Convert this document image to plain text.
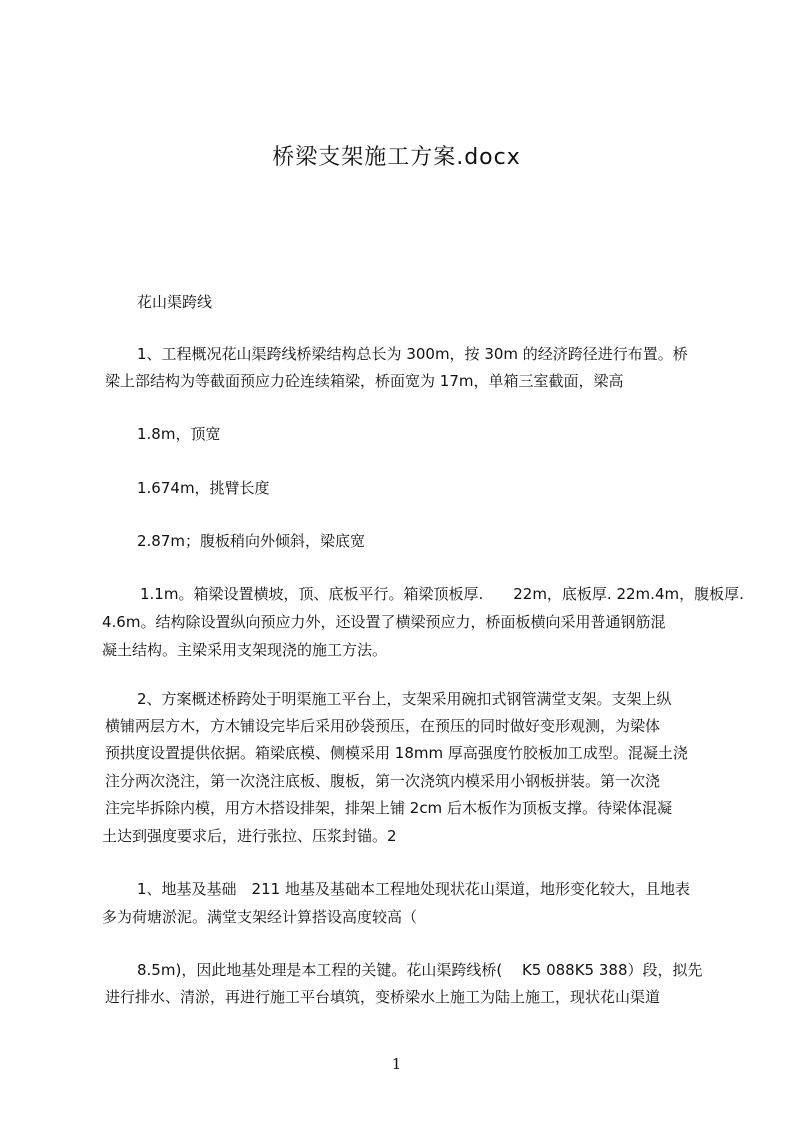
桥梁支架施工方案.docx
花山渠跨线
1、工程概况花山渠跨线桥梁结构总长为 300m，按 30m 的经济跨径进行布置。桥
梁上部结构为等截面预应力砼连续箱梁，桥面宽为 17m，单箱三室截面，梁高
1.8m，顶宽
1.674m，挑臂长度
2.87m；腹板稍向外倾斜，梁底宽
1.1m。箱梁设置横坡，顶、底板平行。箱梁顶板厚.　　22m，底板厚. 22m.4m，腹板厚.
4.6m。结构除设置纵向预应力外，还设置了横梁预应力，桥面板横向采用普通钢筋混
凝土结构。主梁采用支架现浇的施工方法。
2、方案概述桥跨处于明渠施工平台上，支架采用碗扣式钢管满堂支架。支架上纵
横铺两层方木，方木铺设完毕后采用砂袋预压，在预压的同时做好变形观测，为梁体
预拱度设置提供依据。箱梁底模、侧模采用 18mm 厚高强度竹胶板加工成型。混凝土浇
注分两次浇注，第一次浇注底板、腹板，第一次浇筑内模采用小钢板拼装。第一次浇
注完毕拆除内模，用方木搭设排架，排架上铺 2cm 后木板作为顶板支撑。待梁体混凝
土达到强度要求后，进行张拉、压浆封锚。2
1、地基及基础　211 地基及基础本工程地处现状花山渠道，地形变化较大，且地表
多为荷塘淤泥。满堂支架经计算搭设高度较高（
8.5m)，因此地基处理是本工程的关键。花山渠跨线桥(　 K5 088K5 388）段，拟先
进行排水、清淤，再进行施工平台填筑，变桥梁水上施工为陆上施工，现状花山渠道
1
